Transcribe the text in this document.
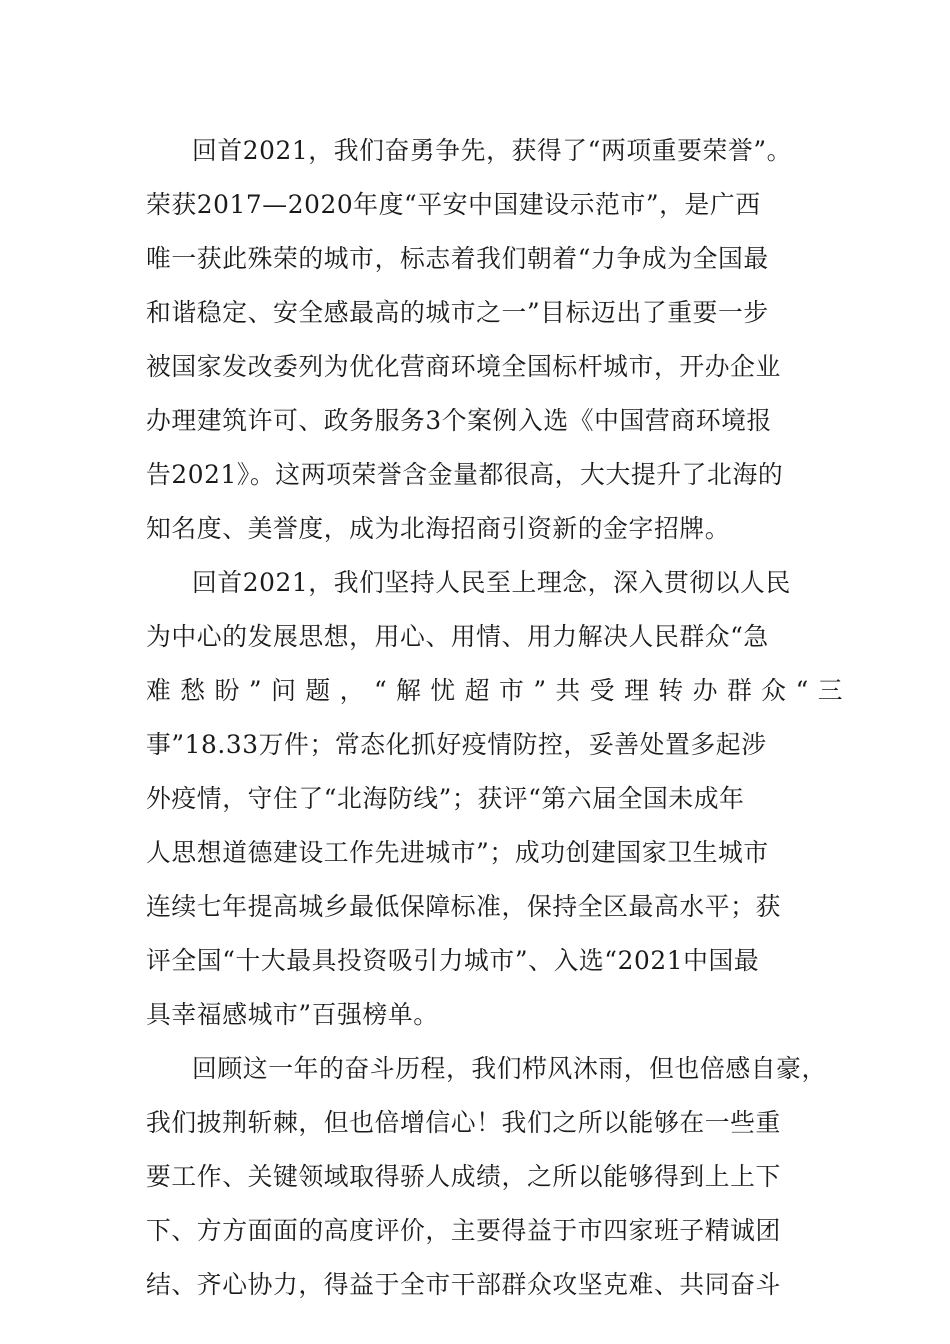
回首2021，我们奋勇争先，获得了“两项重要荣誉”。
荣获2017—2020年度“平安中国建设示范市”，是广西
唯一获此殊荣的城市，标志着我们朝着“力争成为全国最
和谐稳定、安全感最高的城市之一”目标迈出了重要一步
被国家发改委列为优化营商环境全国标杆城市，开办企业
办理建筑许可、政务服务3个案例入选《中国营商环境报
告2021》。这两项荣誉含金量都很高，大大提升了北海的
知名度、美誉度，成为北海招商引资新的金字招牌。
回首2021，我们坚持人民至上理念，深入贯彻以人民
为中心的发展思想，用心、用情、用力解决人民群众“急
难愁盼”问题，“解忧超市”共受理转办群众“三
事”18.33万件；常态化抓好疫情防控，妥善处置多起涉
外疫情，守住了“北海防线”；获评“第六届全国未成年
人思想道德建设工作先进城市”；成功创建国家卫生城市
连续七年提高城乡最低保障标准，保持全区最高水平；获
评全国“十大最具投资吸引力城市”、入选“2021中国最
具幸福感城市”百强榜单。
回顾这一年的奋斗历程，我们栉风沐雨，但也倍感自豪，
我们披荆斩棘，但也倍增信心！我们之所以能够在一些重
要工作、关键领域取得骄人成绩，之所以能够得到上上下
下、方方面面的高度评价，主要得益于市四家班子精诚团
结、齐心协力，得益于全市干部群众攻坚克难、共同奋斗
